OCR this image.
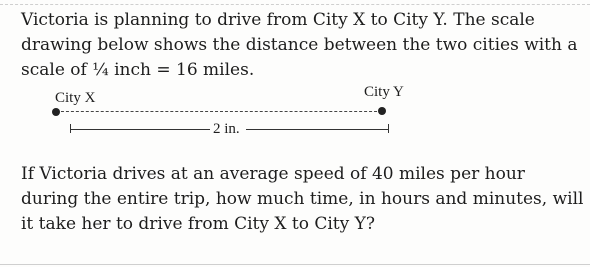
Victoria is planning to drive from City X to City Y. The scale drawing below shows the distance between the two cities with a scale of ¼ inch = 16 miles.

City X	City Y
2 in.

If Victoria drives at an average speed of 40 miles per hour during the entire trip, how much time, in hours and minutes, will it take her to drive from City X to City Y?
